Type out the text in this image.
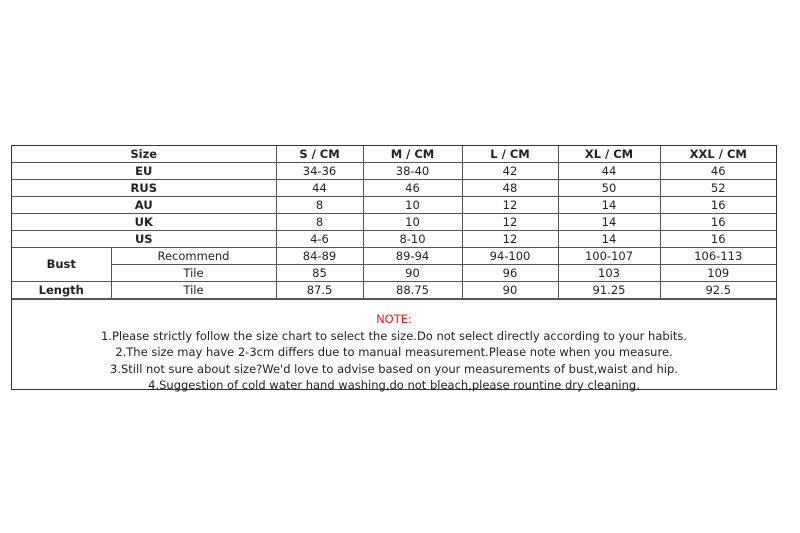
Size		S / CM	M / CM	L / CM	XL / CM	XXL / CM
EU		34-36	38-40	42	44	46
RUS		44	46	48	50	52
AU		8	10	12	14	16
UK		8	10	12	14	16
US		4-6	8-10	12	14	16
Bust	Recommend	84-89	89-94	94-100	100-107	106-113
	Tile	85	90	96	103	109
Length	Tile	87.5	88.75	90	91.25	92.5
NOTE:
1.Please strictly follow the size chart to select the size.Do not select directly according to your habits.
2.The size may have 2-3cm differs due to manual measurement.Please note when you measure.
3.Still not sure about size?We'd love to advise based on your measurements of bust,waist and hip.
4.Suggestion of cold water hand washing,do not bleach,please rountine dry cleaning.
